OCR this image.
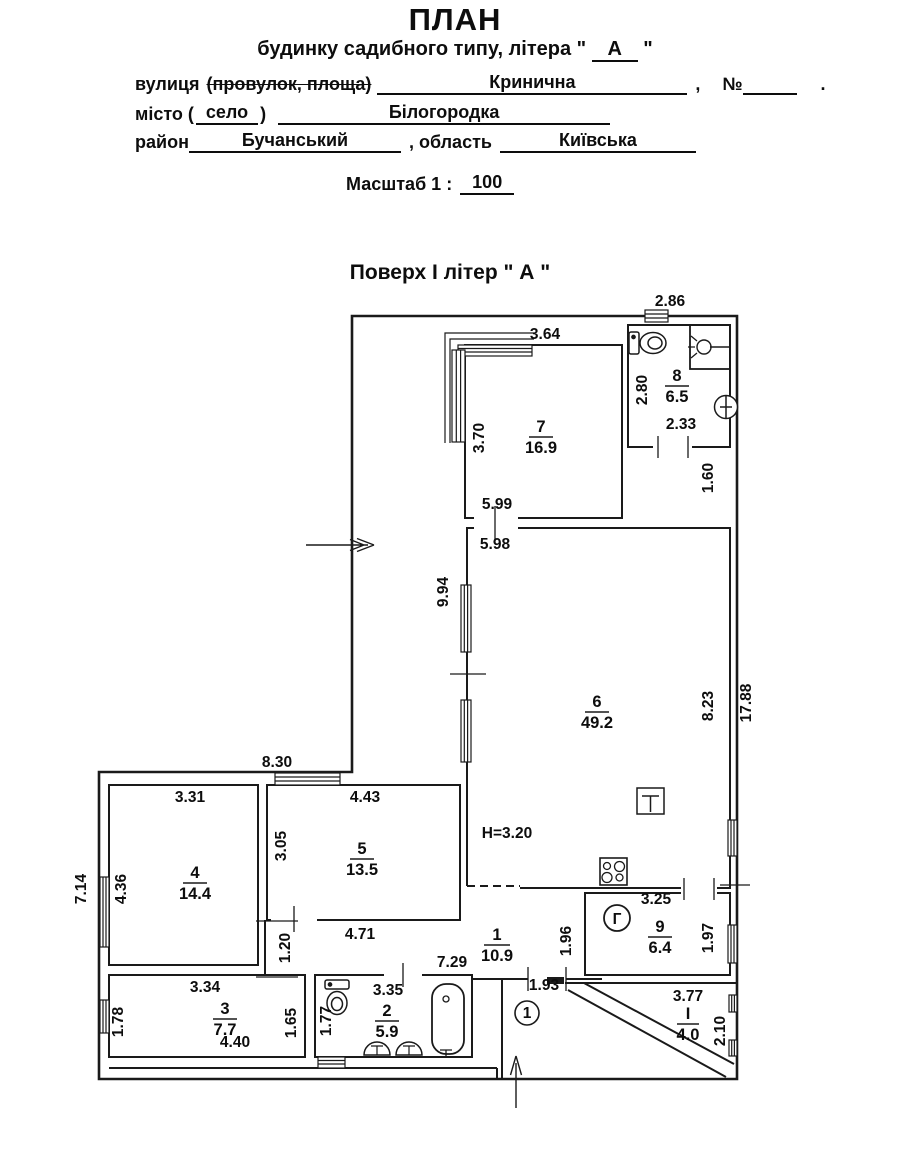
ПЛАН
будинку садибного типу, літера " А "
вулиця (провулок, площа)	Кринична	, №	.
місто ( село )	Білогородка
район	Бучанський	, область	Київська
Масштаб 1 :	100
Поверх І літер " А "
7
16.9
8
6.5
6
49.2
5
13.5
4
14.4
3
7.7
2
5.9
1
10.9
9
6.4
І
4.0
Г
1
2.86
3.64
5.99
5.98
2.33
8.30
3.31	4.43
4.71
7.29
3.34
4.40
3.35	1.93
3.25
3.77
H=3.20
2.80
1.60
3.70
9.94
8.23 17.88
3.05
4.36
7.14
1.20	1.96	1.97
1.78	1.65 1.77	2.10
